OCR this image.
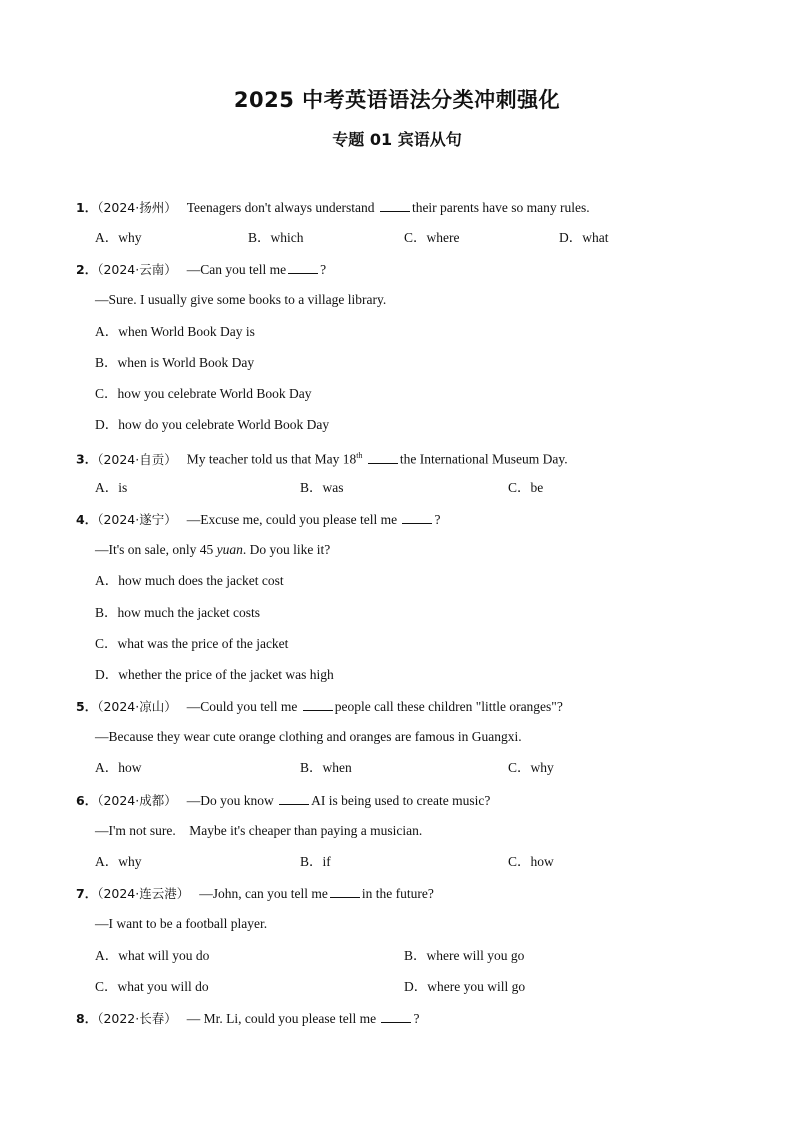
2025 中考英语语法分类冲刺强化
专题 01 宾语从句
1．（2024·扬州） Teenagers don't always understand	their parents have so many rules.
A．why	B．which	C．where	D．what
2．（2024·云南） —Can you tell me	?
—Sure. I usually give some books to a village library.
A．when World Book Day is
B．when is World Book Day
C．how you celebrate World Book Day
D．how do you celebrate World Book Day
3．（2024·自贡） My teacher told us that May 18th	the International Museum Day.
A．is	B．was	C．be
4．（2024·遂宁） —Excuse me, could you please tell me	?
—It's on sale, only 45 yuan. Do you like it?
A．how much does the jacket cost
B．how much the jacket costs
C．what was the price of the jacket
D．whether the price of the jacket was high
5．（2024·凉山） —Could you tell me	people call these children "little oranges"?
—Because they wear cute orange clothing and oranges are famous in Guangxi.
A．how	B．when	C．why
6．（2024·成都） —Do you know	AI is being used to create music?
—I'm not sure.    Maybe it's cheaper than paying a musician.
A．why	B．if	C．how
7．（2024·连云港） —John, can you tell me	in the future?
—I want to be a football player.
A．what will you do	B．where will you go
C．what you will do	D．where you will go
8．（2022·长春） — Mr. Li, could you please tell me	?
